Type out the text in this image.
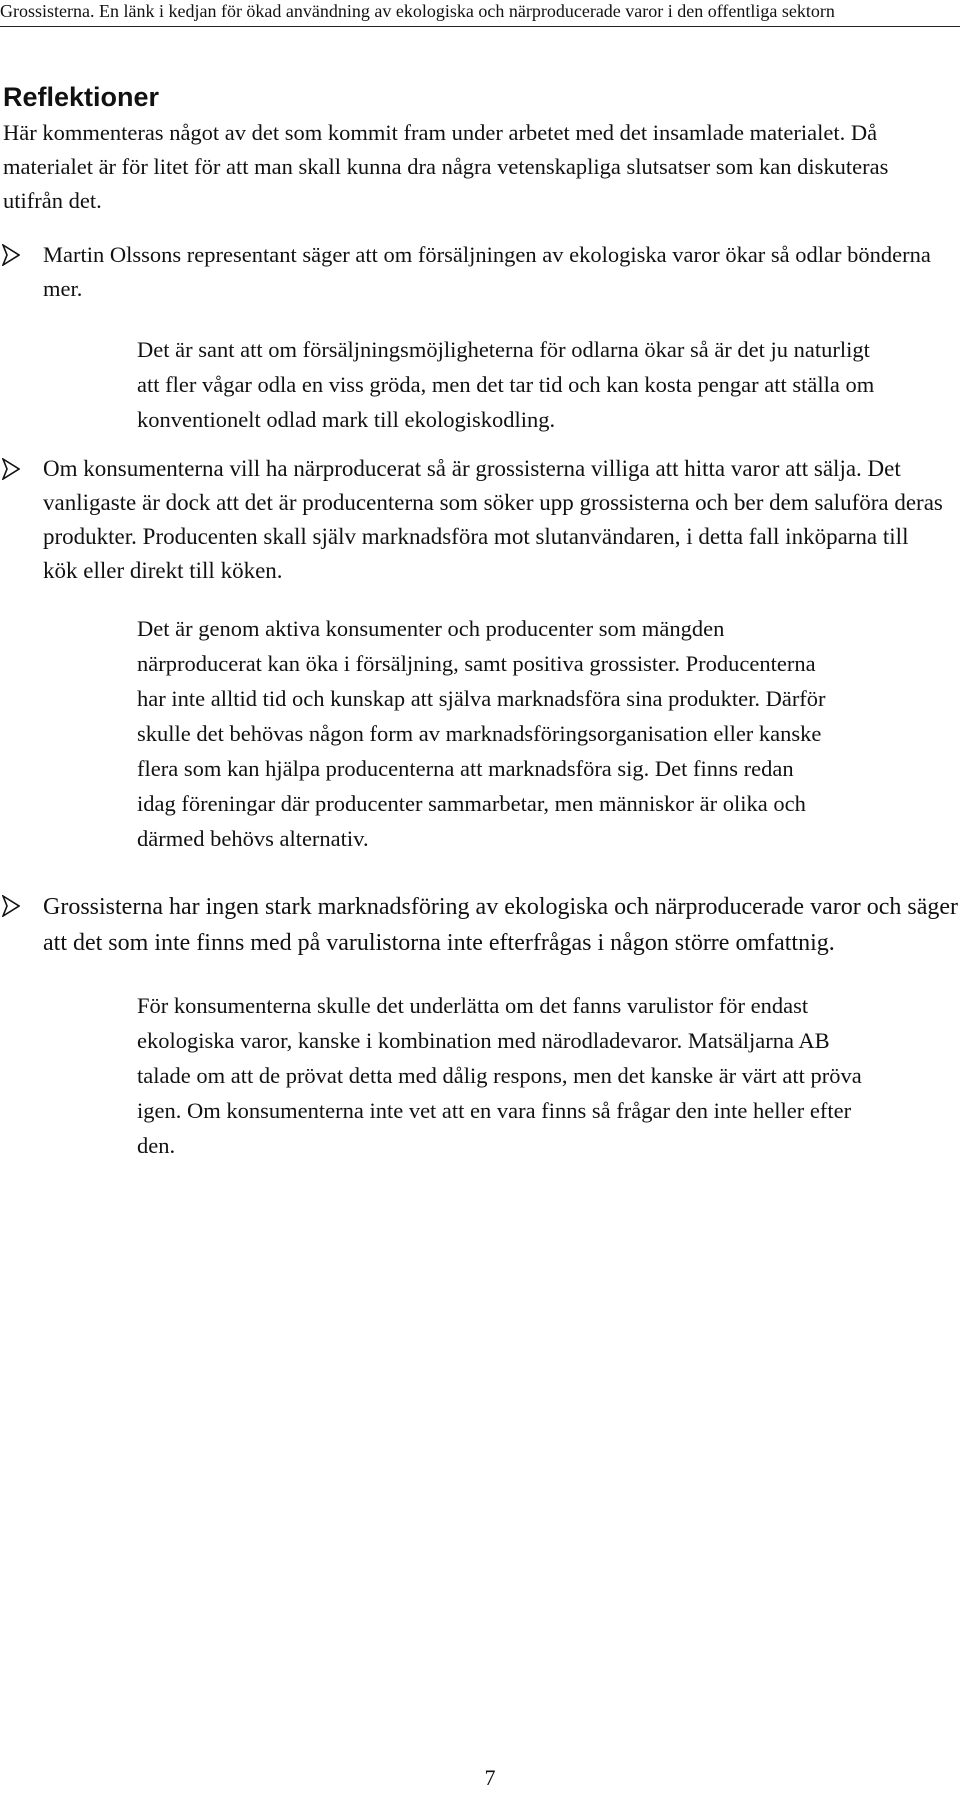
Grossisterna. En länk i kedjan för ökad användning av ekologiska och närproducerade varor i den offentliga sektorn
Reflektioner

Här kommenteras något av det som kommit fram under arbetet med det insamlade materialet. Då materialet är för litet för att man skall kunna dra några vetenskapliga slutsatser som kan diskuteras utifrån det.

Martin Olssons representant säger att om försäljningen av ekologiska varor ökar så odlar bönderna mer.

Det är sant att om försäljningsmöjligheterna för odlarna ökar så är det ju naturligt att fler vågar odla en viss gröda, men det tar tid och kan kosta pengar att ställa om konventionelt odlad mark till ekologiskodling.

Om konsumenterna vill ha närproducerat så är grossisterna villiga att hitta varor att sälja. Det vanligaste är dock att det är producenterna som söker upp grossisterna och ber dem saluföra deras produkter. Producenten skall själv marknadsföra mot slutanvändaren, i detta fall inköparna till kök eller direkt till köken.

Det är genom aktiva konsumenter och producenter som mängden närproducerat kan öka i försäljning, samt positiva grossister. Producenterna har inte alltid tid och kunskap att själva marknadsföra sina produkter. Därför skulle det behövas någon form av marknadsföringsorganisation eller kanske flera som kan hjälpa producenterna att marknadsföra sig. Det finns redan idag föreningar där producenter sammarbetar, men människor är olika och därmed behövs alternativ.

Grossisterna har ingen stark marknadsföring av ekologiska och närproducerade varor och säger att det som inte finns med på varulistorna inte efterfrågas i någon större omfattnig.

För konsumenterna skulle det underlätta om det fanns varulistor för endast ekologiska varor, kanske i kombination med närodladevaror. Matsäljarna AB talade om att de prövat detta med dålig respons, men det kanske är värt att pröva igen. Om konsumenterna inte vet att en vara finns så frågar den inte heller efter den.

7
